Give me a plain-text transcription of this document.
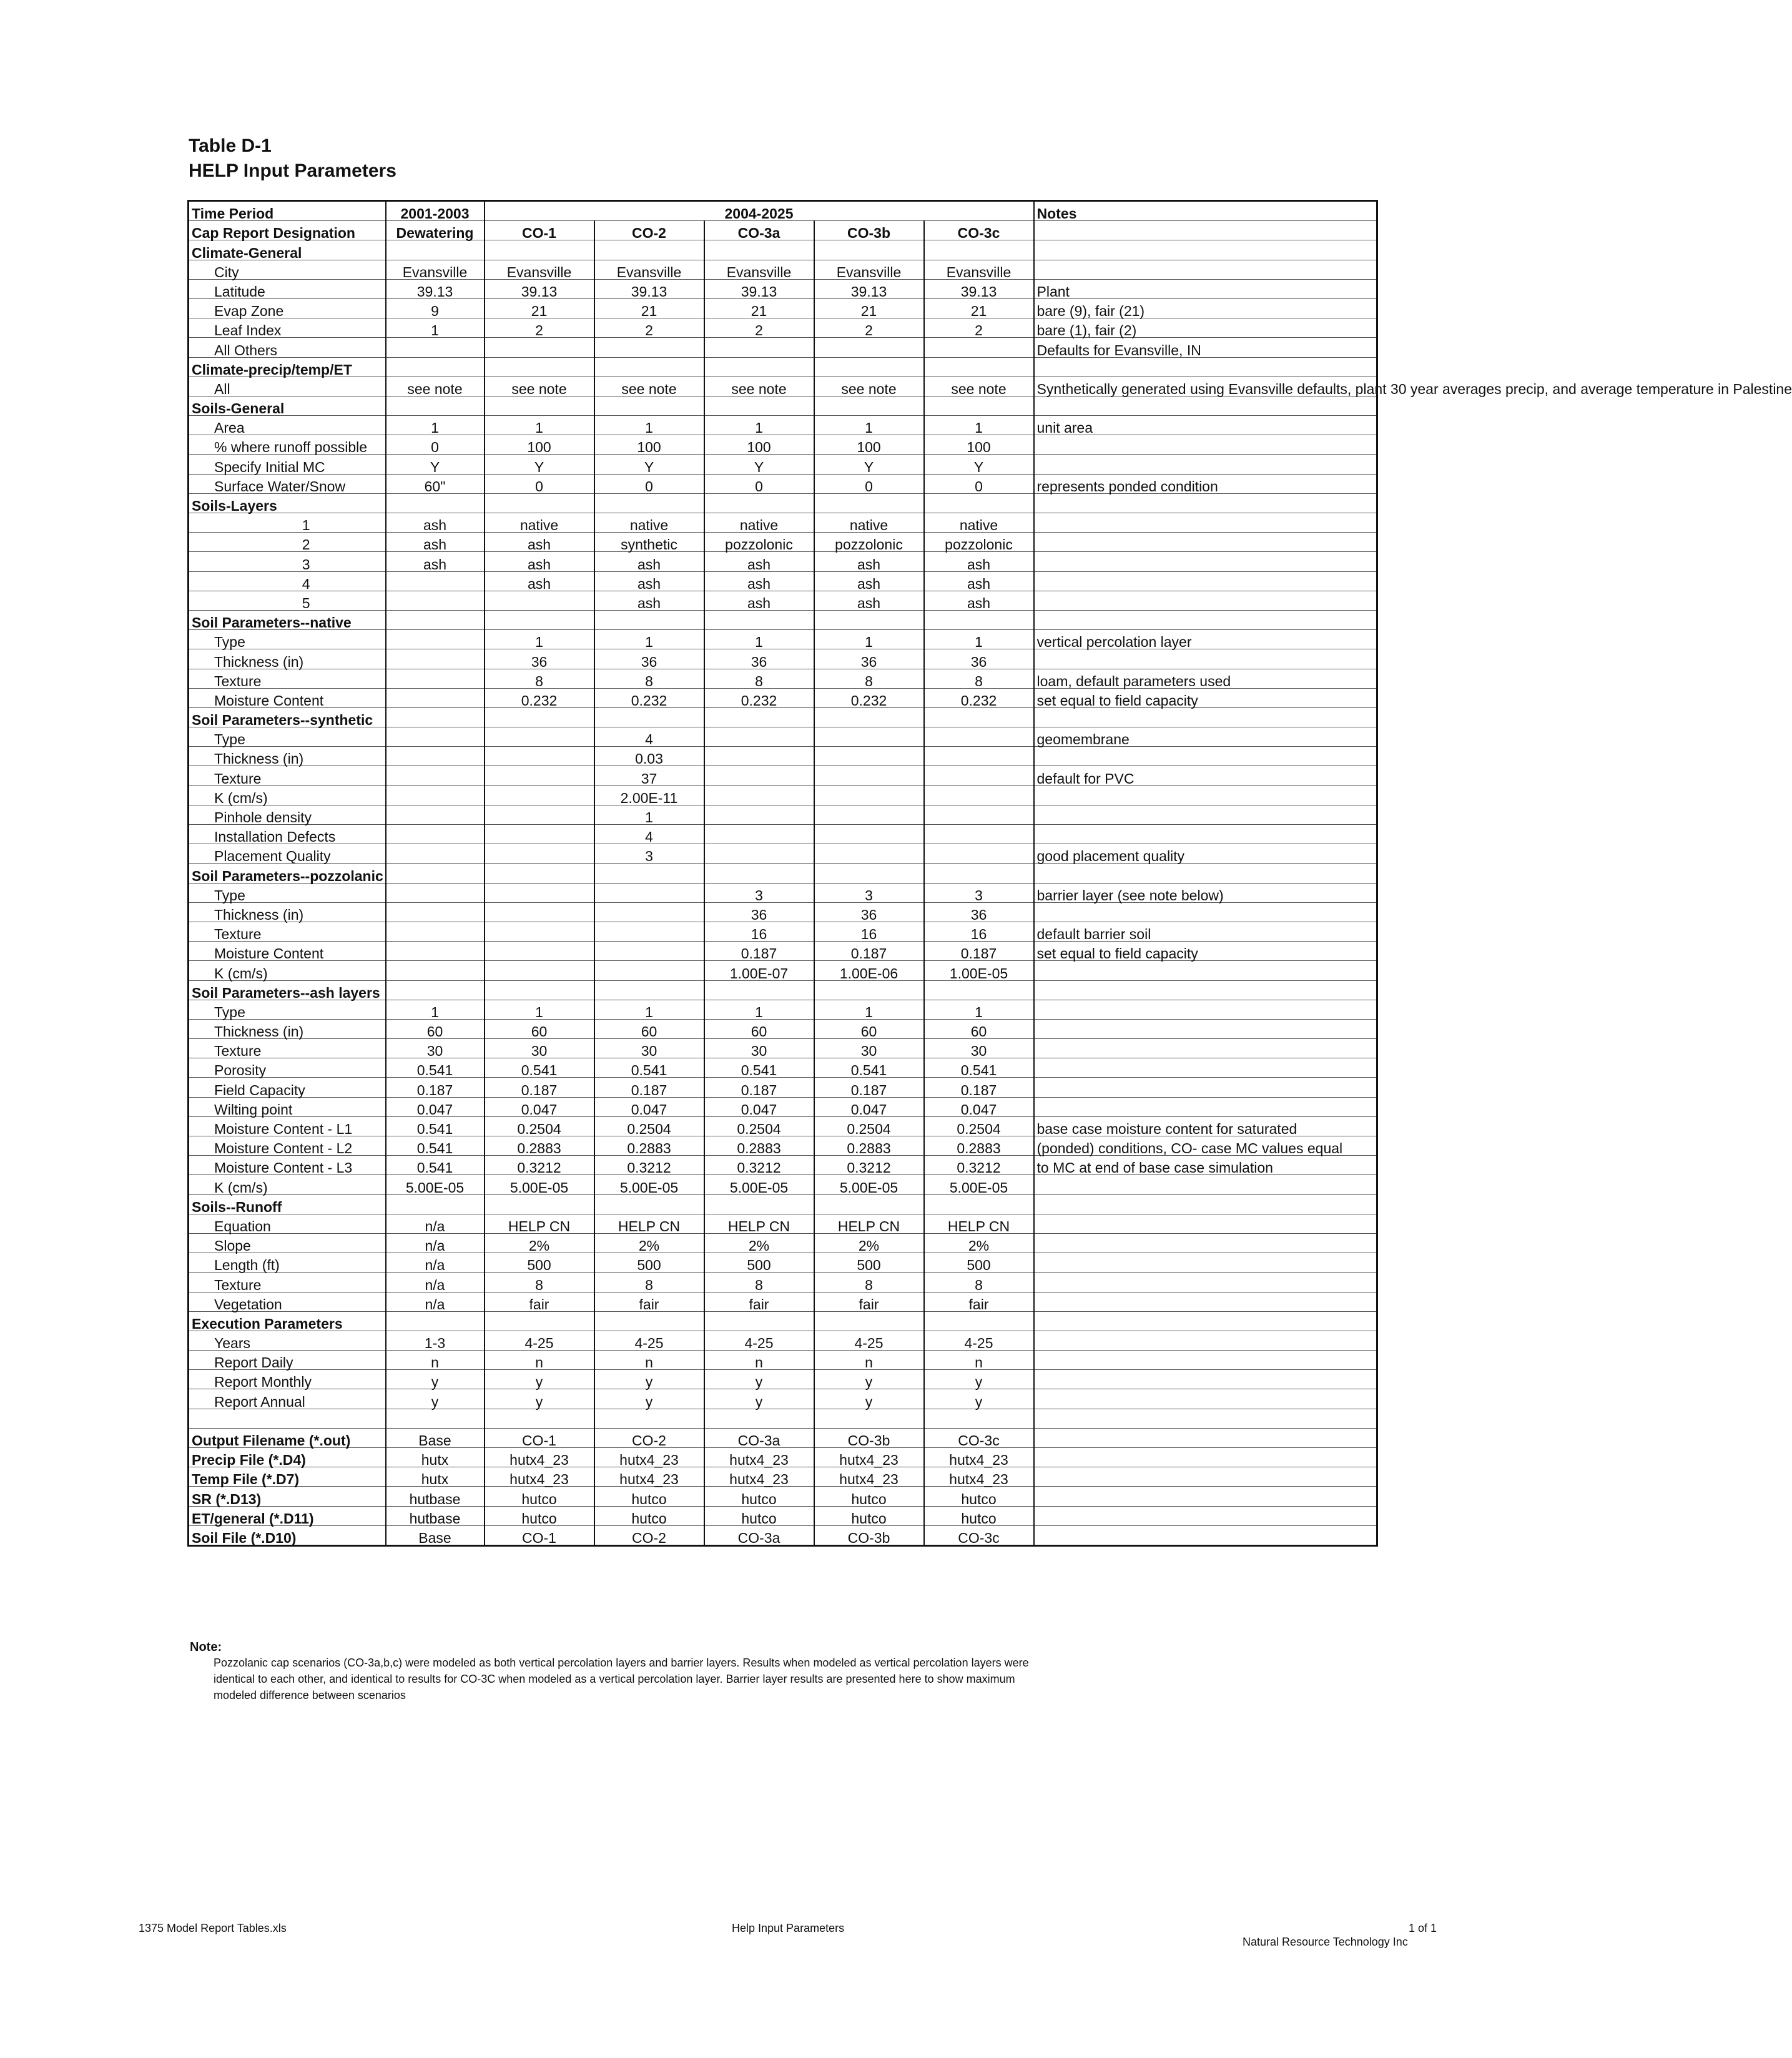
Table D-1
HELP Input Parameters
Time Period	2001-2003	2004-2025					Notes
Cap Report Designation	Dewatering	CO-1	CO-2	CO-3a	CO-3b	CO-3c	
Climate-General							
City	Evansville	Evansville	Evansville	Evansville	Evansville	Evansville	
Latitude	39.13	39.13	39.13	39.13	39.13	39.13	Plant
Evap Zone	9	21	21	21	21	21	bare (9), fair (21)
Leaf Index	1	2	2	2	2	2	bare (1), fair (2)
All Others							Defaults for Evansville, IN
Climate-precip/temp/ET							
All	see note	see note	see note	see note	see note	see note	Synthetically generated using Evansville defaults, plant 30 year averages precip, and average temperature in Palestine
Soils-General							
Area	1	1	1	1	1	1	unit area
% where runoff possible	0	100	100	100	100	100	
Specify Initial MC	Y	Y	Y	Y	Y	Y	
Surface Water/Snow	60"	0	0	0	0	0	represents ponded condition
Soils-Layers							
1	ash	native	native	native	native	native	
2	ash	ash	synthetic	pozzolonic	pozzolonic	pozzolonic	
3	ash	ash	ash	ash	ash	ash	
4		ash	ash	ash	ash	ash	
5			ash	ash	ash	ash	
Soil Parameters--native							
Type		1	1	1	1	1	vertical percolation layer
Thickness (in)		36	36	36	36	36	
Texture		8	8	8	8	8	loam, default parameters used
Moisture Content		0.232	0.232	0.232	0.232	0.232	set equal to field capacity
Soil Parameters--synthetic							
Type			4				geomembrane
Thickness (in)			0.03				
Texture			37				default for PVC
K (cm/s)			2.00E-11				
Pinhole density			1				
Installation Defects			4				
Placement Quality			3				good placement quality
Soil Parameters--pozzolanic							
Type				3	3	3	barrier layer (see note below)
Thickness (in)				36	36	36	
Texture				16	16	16	default barrier soil
Moisture Content				0.187	0.187	0.187	set equal to field capacity
K (cm/s)				1.00E-07	1.00E-06	1.00E-05	
Soil Parameters--ash layers							
Type	1	1	1	1	1	1	
Thickness (in)	60	60	60	60	60	60	
Texture	30	30	30	30	30	30	
Porosity	0.541	0.541	0.541	0.541	0.541	0.541	
Field Capacity	0.187	0.187	0.187	0.187	0.187	0.187	
Wilting point	0.047	0.047	0.047	0.047	0.047	0.047	
Moisture Content - L1	0.541	0.2504	0.2504	0.2504	0.2504	0.2504	base case moisture content for saturated
Moisture Content - L2	0.541	0.2883	0.2883	0.2883	0.2883	0.2883	(ponded) conditions, CO- case MC values equal
Moisture Content - L3	0.541	0.3212	0.3212	0.3212	0.3212	0.3212	to MC at end of base case simulation
K (cm/s)	5.00E-05	5.00E-05	5.00E-05	5.00E-05	5.00E-05	5.00E-05	
Soils--Runoff							
Equation	n/a	HELP CN	HELP CN	HELP CN	HELP CN	HELP CN	
Slope	n/a	2%	2%	2%	2%	2%	
Length (ft)	n/a	500	500	500	500	500	
Texture	n/a	8	8	8	8	8	
Vegetation	n/a	fair	fair	fair	fair	fair	
Execution Parameters							
Years	1-3	4-25	4-25	4-25	4-25	4-25	
Report Daily	n	n	n	n	n	n	
Report Monthly	y	y	y	y	y	y	
Report Annual	y	y	y	y	y	y	

Output Filename (*.out)	Base	CO-1	CO-2	CO-3a	CO-3b	CO-3c	
Precip File (*.D4)	hutx	hutx4_23	hutx4_23	hutx4_23	hutx4_23	hutx4_23	
Temp File (*.D7)	hutx	hutx4_23	hutx4_23	hutx4_23	hutx4_23	hutx4_23	
SR (*.D13)	hutbase	hutco	hutco	hutco	hutco	hutco	
ET/general (*.D11)	hutbase	hutco	hutco	hutco	hutco	hutco	
Soil File (*.D10)	Base	CO-1	CO-2	CO-3a	CO-3b	CO-3c	
Note:
Pozzolanic cap scenarios (CO-3a,b,c) were modeled as both vertical percolation layers and barrier layers. Results when modeled as vertical percolation layers were identical to each other, and identical to results for CO-3C when modeled as a vertical percolation layer. Barrier layer results are presented here to show maximum modeled difference between scenarios
1375 Model Report Tables.xls	Help Input Parameters	1 of 1
Natural Resource Technology Inc
